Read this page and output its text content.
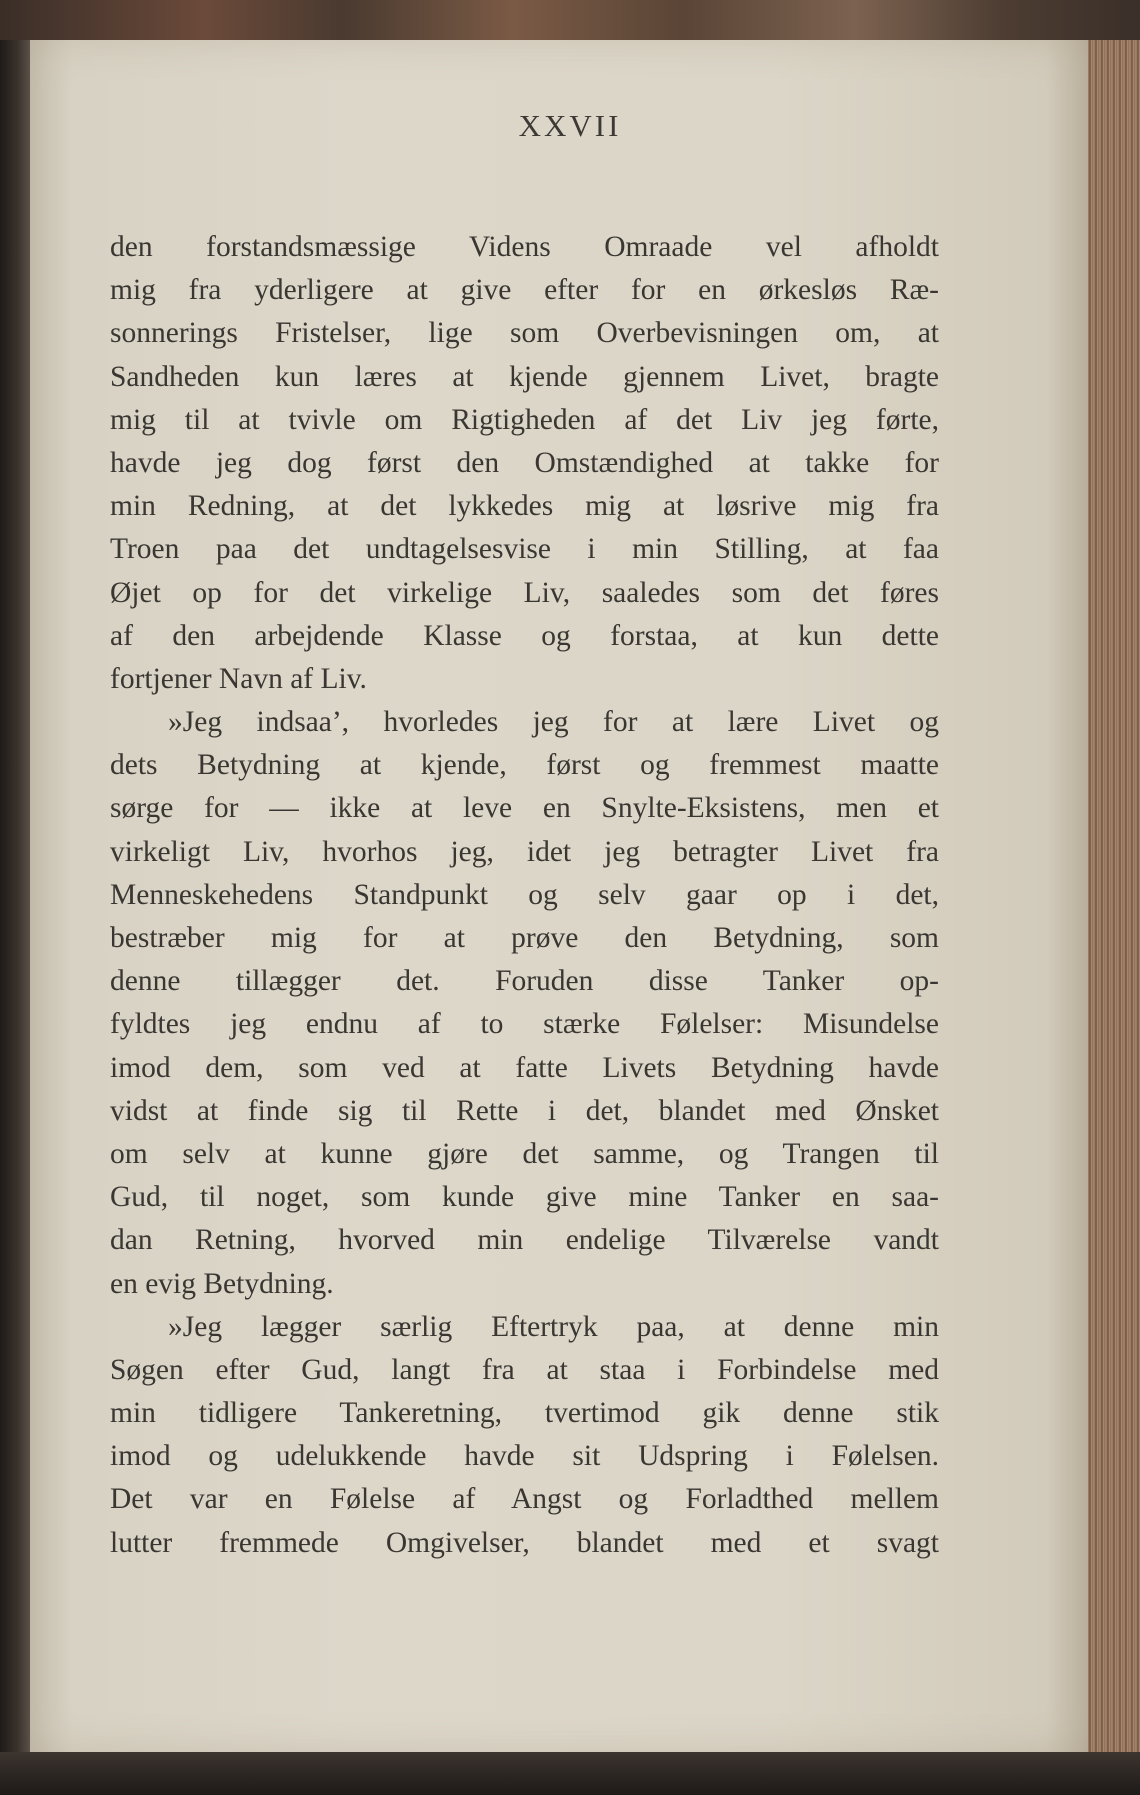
XXVII
den forstandsmæssige Videns Omraade vel afholdt
mig fra yderligere at give efter for en ørkesløs Ræ-
sonnerings Fristelser, lige som Overbevisningen om, at
Sandheden kun læres at kjende gjennem Livet, bragte
mig til at tvivle om Rigtigheden af det Liv jeg førte,
havde jeg dog først den Omstændighed at takke for
min Redning, at det lykkedes mig at løsrive mig fra
Troen paa det undtagelsesvise i min Stilling, at faa
Øjet op for det virkelige Liv, saaledes som det føres
af den arbejdende Klasse og forstaa, at kun dette
fortjener Navn af Liv.
»Jeg indsaa’, hvorledes jeg for at lære Livet og
dets Betydning at kjende, først og fremmest maatte
sørge for — ikke at leve en Snylte-Eksistens, men et
virkeligt Liv, hvorhos jeg, idet jeg betragter Livet fra
Menneskehedens Standpunkt og selv gaar op i det,
bestræber mig for at prøve den Betydning, som
denne tillægger det. Foruden disse Tanker op-
fyldtes jeg endnu af to stærke Følelser: Misundelse
imod dem, som ved at fatte Livets Betydning havde
vidst at finde sig til Rette i det, blandet med Ønsket
om selv at kunne gjøre det samme, og Trangen til
Gud, til noget, som kunde give mine Tanker en saa-
dan Retning, hvorved min endelige Tilværelse vandt
en evig Betydning.
»Jeg lægger særlig Eftertryk paa, at denne min
Søgen efter Gud, langt fra at staa i Forbindelse med
min tidligere Tankeretning, tvertimod gik denne stik
imod og udelukkende havde sit Udspring i Følelsen.
Det var en Følelse af Angst og Forladthed mellem
lutter fremmede Omgivelser, blandet med et svagt
